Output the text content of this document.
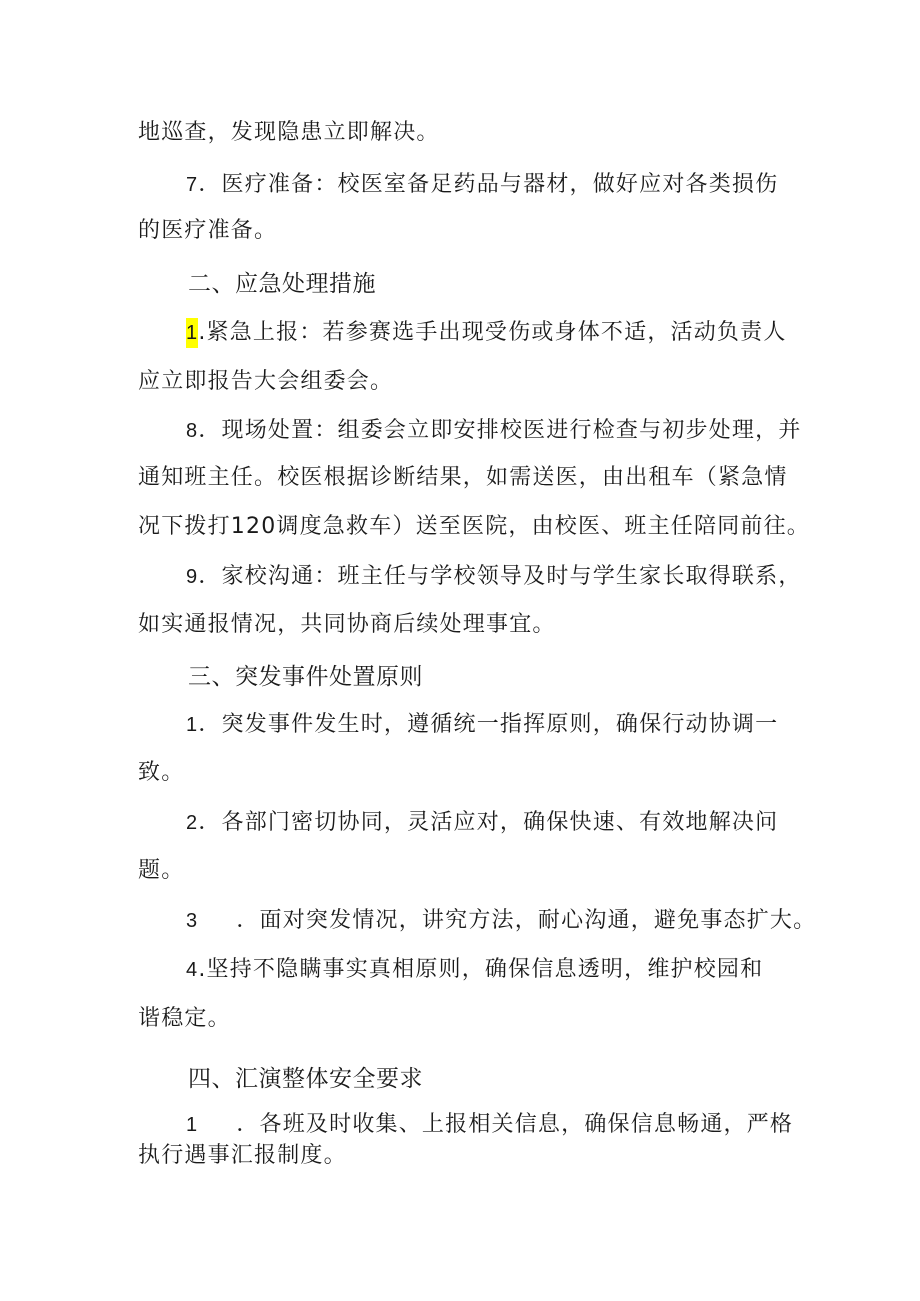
地巡查，发现隐患立即解决。
7．医疗准备：校医室备足药品与器材，做好应对各类损伤
的医疗准备。
二、应急处理措施
1.紧急上报：若参赛选手出现受伤或身体不适，活动负责人
应立即报告大会组委会。
8．现场处置：组委会立即安排校医进行检查与初步处理，并
通知班主任。校医根据诊断结果，如需送医，由出租车（紧急情
况下拨打120调度急救车）送至医院，由校医、班主任陪同前往。
9．家校沟通：班主任与学校领导及时与学生家长取得联系，
如实通报情况，共同协商后续处理事宜。
三、突发事件处置原则
1．突发事件发生时，遵循统一指挥原则，确保行动协调一
致。
2．各部门密切协同，灵活应对，确保快速、有效地解决问
题。
3 ．面对突发情况，讲究方法，耐心沟通，避免事态扩大。
4.坚持不隐瞒事实真相原则，确保信息透明，维护校园和
谐稳定。
四、汇演整体安全要求
1 ．各班及时收集、上报相关信息，确保信息畅通，严格
执行遇事汇报制度。
